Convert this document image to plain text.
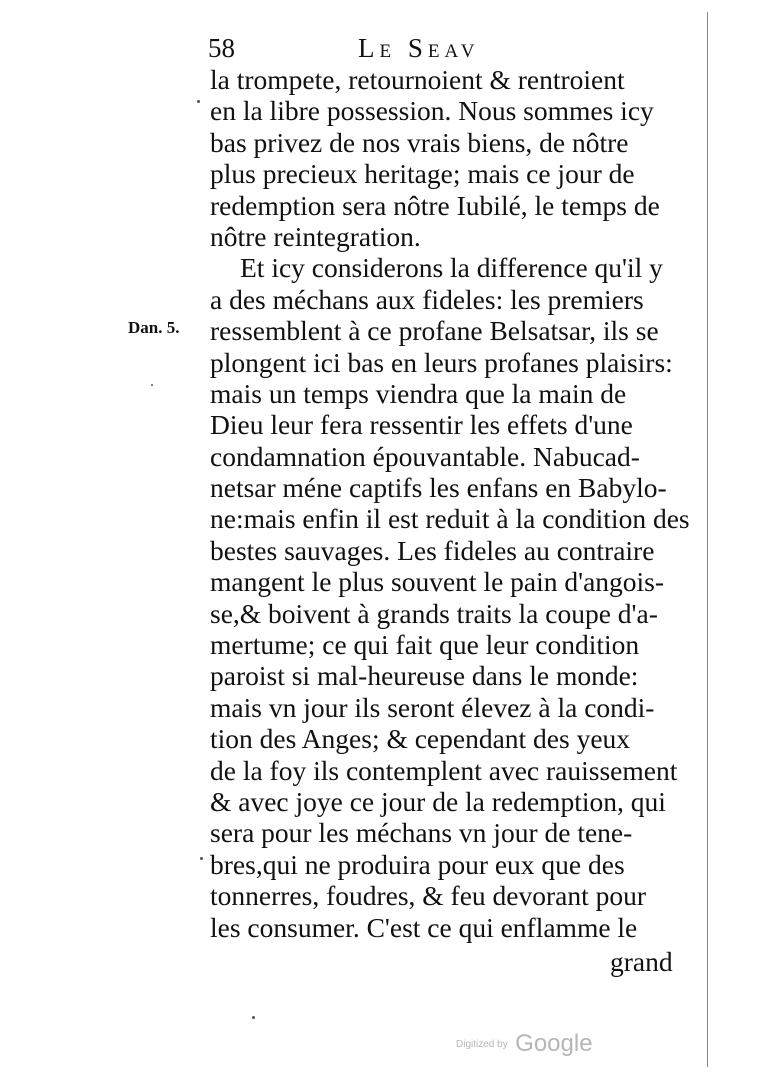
58	Le Seav
Dan. 5.
la trompete, retournoient & rentroient
en la libre possession. Nous sommes icy
bas privez de nos vrais biens, de nôtre
plus precieux heritage; mais ce jour de
redemption sera nôtre Iubilé, le temps de
nôtre reintegration.
Et icy considerons la difference qu'il y
a des méchans aux fideles: les premiers
ressemblent à ce profane Belsatsar, ils se
plongent ici bas en leurs profanes plaisirs:
mais un temps viendra que la main de
Dieu leur fera ressentir les effets d'une
condamnation épouvantable. Nabucad-
netsar méne captifs les enfans en Babylo-
ne:mais enfin il est reduit à la condition des
bestes sauvages. Les fideles au contraire
mangent le plus souvent le pain d'angois-
se,& boivent à grands traits la coupe d'a-
mertume; ce qui fait que leur condition
paroist si mal-heureuse dans le monde:
mais vn jour ils seront élevez à la condi-
tion des Anges; & cependant des yeux
de la foy ils contemplent avec rauissement
& avec joye ce jour de la redemption, qui
sera pour les méchans vn jour de tene-
bres,qui ne produira pour eux que des
tonnerres, foudres, & feu devorant pour
les consumer. C'est ce qui enflamme le
grand
Digitized by Google
